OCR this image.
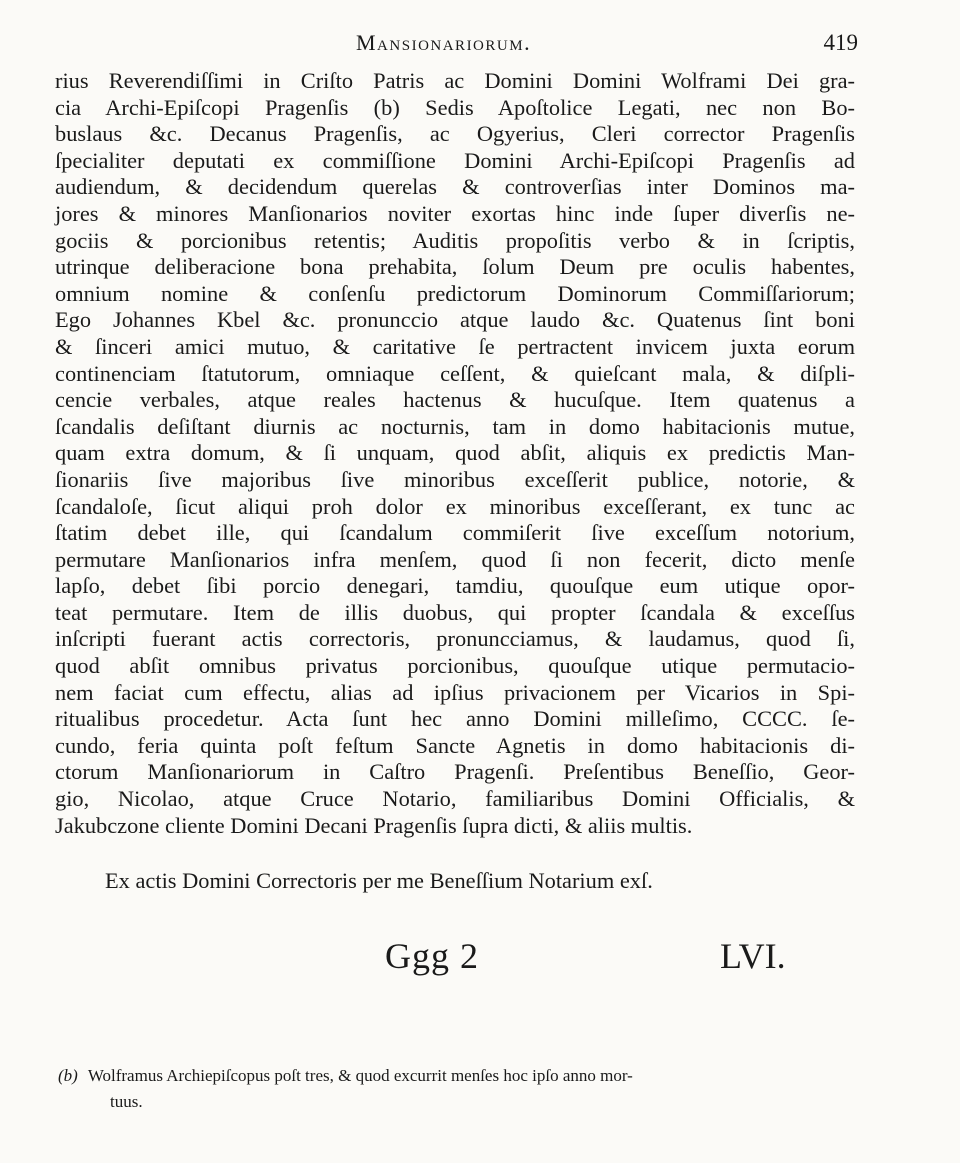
Mansionariorum.	419
rius Reverendiſſimi in Criſto Patris ac Domini Domini Wolframi Dei gra-
cia Archi-Epiſcopi Pragenſis (b) Sedis Apoſtolice Legati, nec non Bo-
buslaus &c. Decanus Pragenſis, ac Ogyerius, Cleri corrector Pragenſis
ſpecialiter deputati ex commiſſione Domini Archi-Epiſcopi Pragenſis ad
audiendum, & decidendum querelas & controverſias inter Dominos ma-
jores & minores Manſionarios noviter exortas hinc inde ſuper diverſis ne-
gociis & porcionibus retentis; Auditis propoſitis verbo & in ſcriptis,
utrinque deliberacione bona prehabita, ſolum Deum pre oculis habentes,
omnium nomine & conſenſu predictorum Dominorum Commiſſariorum;
Ego Johannes Kbel &c. pronunccio atque laudo &c. Quatenus ſint boni
& ſinceri amici mutuo, & caritative ſe pertractent invicem juxta eorum
continenciam ſtatutorum, omniaque ceſſent, & quieſcant mala, & diſpli-
cencie verbales, atque reales hactenus & hucuſque. Item quatenus a
ſcandalis deſiſtant diurnis ac nocturnis, tam in domo habitacionis mutue,
quam extra domum, & ſi unquam, quod abſit, aliquis ex predictis Man-
ſionariis ſive majoribus ſive minoribus exceſſerit publice, notorie, &
ſcandaloſe, ſicut aliqui proh dolor ex minoribus exceſſerant, ex tunc ac
ſtatim debet ille, qui ſcandalum commiſerit ſive exceſſum notorium,
permutare Manſionarios infra menſem, quod ſi non fecerit, dicto menſe
lapſo, debet ſibi porcio denegari, tamdiu, quouſque eum utique opor-
teat permutare. Item de illis duobus, qui propter ſcandala & exceſſus
inſcripti fuerant actis correctoris, pronuncciamus, & laudamus, quod ſi,
quod abſit omnibus privatus porcionibus, quouſque utique permutacio-
nem faciat cum effectu, alias ad ipſius privacionem per Vicarios in Spi-
ritualibus procedetur. Acta ſunt hec anno Domini milleſimo, CCCC. ſe-
cundo, feria quinta poſt feſtum Sancte Agnetis in domo habitacionis di-
ctorum Manſionariorum in Caſtro Pragenſi. Preſentibus Beneſſio, Geor-
gio, Nicolao, atque Cruce Notario, familiaribus Domini Officialis, &
Jakubczone cliente Domini Decani Pragenſis ſupra dicti, & aliis multis.
Ex actis Domini Correctoris per me Beneſſium Notarium exſ.
Ggg 2	LVI.
(b) Wolframus Archiepiſcopus poſt tres, & quod excurrit menſes hoc ipſo anno mor-
tuus.
